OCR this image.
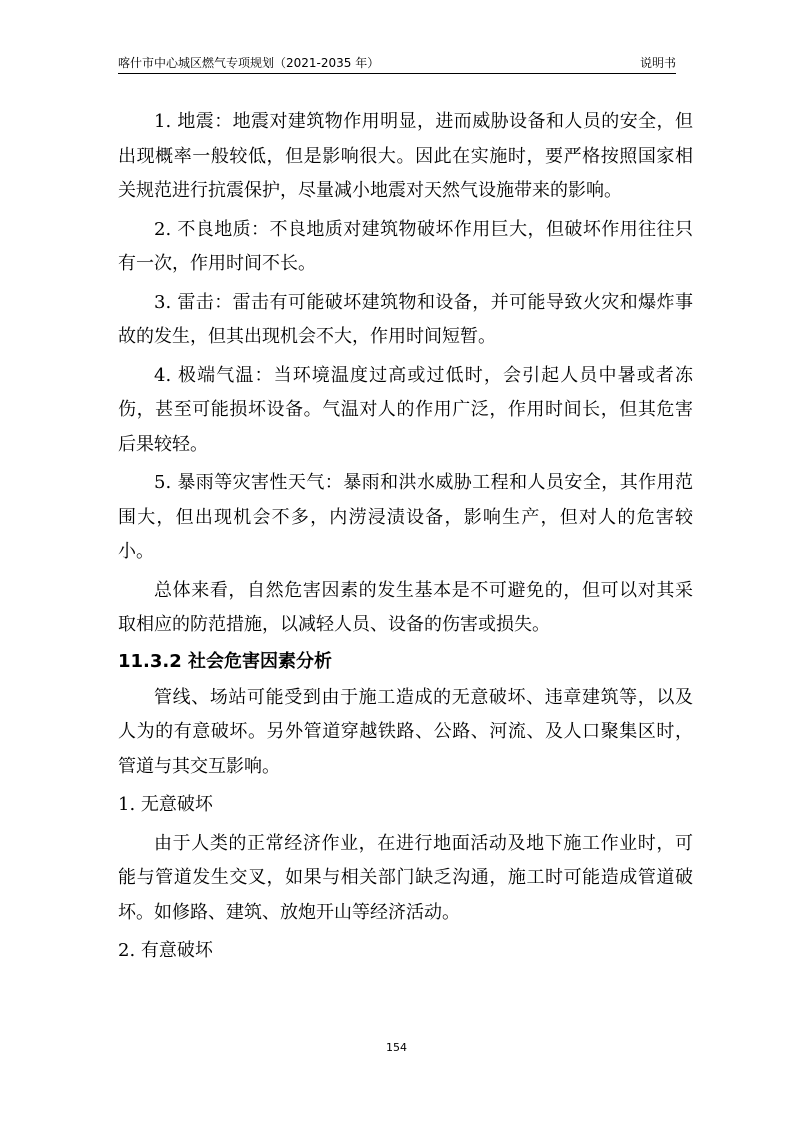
喀什市中心城区燃气专项规划（2021-2035 年）	说明书

1. 地震：地震对建筑物作用明显，进而威胁设备和人员的安全，但出现概率一般较低，但是影响很大。因此在实施时，要严格按照国家相关规范进行抗震保护，尽量减小地震对天然气设施带来的影响。

2. 不良地质：不良地质对建筑物破坏作用巨大，但破坏作用往往只有一次，作用时间不长。

3. 雷击：雷击有可能破坏建筑物和设备，并可能导致火灾和爆炸事故的发生，但其出现机会不大，作用时间短暂。

4. 极端气温：当环境温度过高或过低时，会引起人员中暑或者冻伤，甚至可能损坏设备。气温对人的作用广泛，作用时间长，但其危害后果较轻。

5. 暴雨等灾害性天气：暴雨和洪水威胁工程和人员安全，其作用范围大，但出现机会不多，内涝浸渍设备，影响生产，但对人的危害较小。

总体来看，自然危害因素的发生基本是不可避免的，但可以对其采取相应的防范措施，以减轻人员、设备的伤害或损失。

11.3.2 社会危害因素分析

管线、场站可能受到由于施工造成的无意破坏、违章建筑等，以及人为的有意破坏。另外管道穿越铁路、公路、河流、及人口聚集区时，管道与其交互影响。

1. 无意破坏

由于人类的正常经济作业，在进行地面活动及地下施工作业时，可能与管道发生交叉，如果与相关部门缺乏沟通，施工时可能造成管道破坏。如修路、建筑、放炮开山等经济活动。

2. 有意破坏

154
